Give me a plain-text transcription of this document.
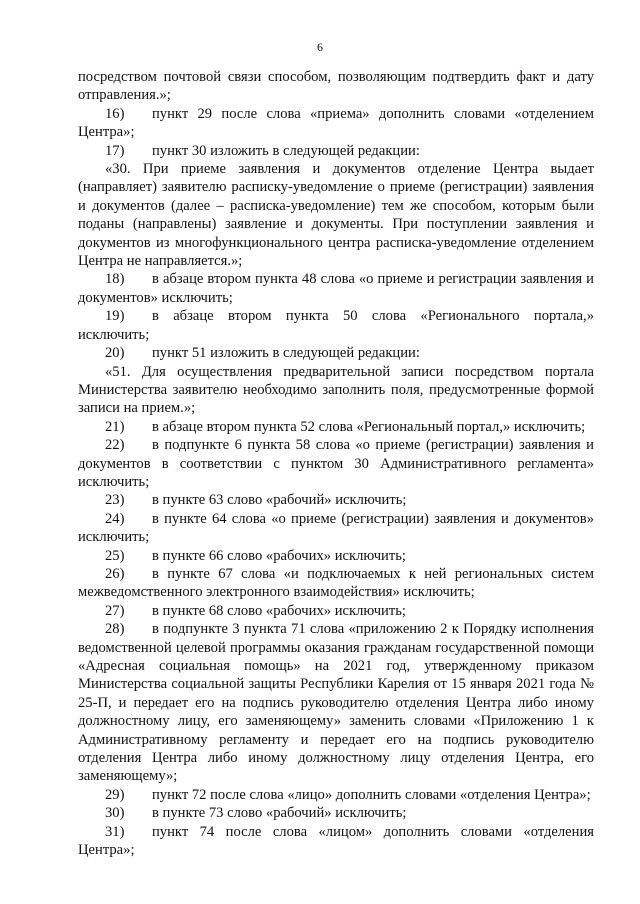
6

посредством почтовой связи способом, позволяющим подтвердить факт и дату отправления.»;

16) пункт 29 после слова «приема» дополнить словами «отделением Центра»;

17) пункт 30 изложить в следующей редакции:

«30. При приеме заявления и документов отделение Центра выдает (направляет) заявителю расписку-уведомление о приеме (регистрации) заявления и документов (далее – расписка-уведомление) тем же способом, которым были поданы (направлены) заявление и документы. При поступлении заявления и документов из многофункционального центра расписка-уведомление отделением Центра не направляется.»;

18) в абзаце втором пункта 48 слова «о приеме и регистрации заявления и документов» исключить;

19) в абзаце втором пункта 50 слова «Регионального портала,» исключить;

20) пункт 51 изложить в следующей редакции:

«51. Для осуществления предварительной записи посредством портала Министерства заявителю необходимо заполнить поля, предусмотренные формой записи на прием.»;

21) в абзаце втором пункта 52 слова «Региональный портал,» исключить;

22) в подпункте 6 пункта 58 слова «о приеме (регистрации) заявления и документов в соответствии с пунктом 30 Административного регламента» исключить;

23) в пункте 63 слово «рабочий» исключить;

24) в пункте 64 слова «о приеме (регистрации) заявления и документов» исключить;

25) в пункте 66 слово «рабочих» исключить;

26) в пункте 67 слова «и подключаемых к ней региональных систем межведомственного электронного взаимодействия» исключить;

27) в пункте 68 слово «рабочих» исключить;

28) в подпункте 3 пункта 71 слова «приложению 2 к Порядку исполнения ведомственной целевой программы оказания гражданам государственной помощи «Адресная социальная помощь» на 2021 год, утвержденному приказом Министерства социальной защиты Республики Карелия от 15 января 2021 года № 25-П, и передает его на подпись руководителю отделения Центра либо иному должностному лицу, его заменяющему» заменить словами «Приложению 1 к Административному регламенту и передает его на подпись руководителю отделения Центра либо иному должностному лицу отделения Центра, его заменяющему»;

29) пункт 72 после слова «лицо» дополнить словами «отделения Центра»;

30) в пункте 73 слово «рабочий» исключить;

31) пункт 74 после слова «лицом» дополнить словами «отделения Центра»;
